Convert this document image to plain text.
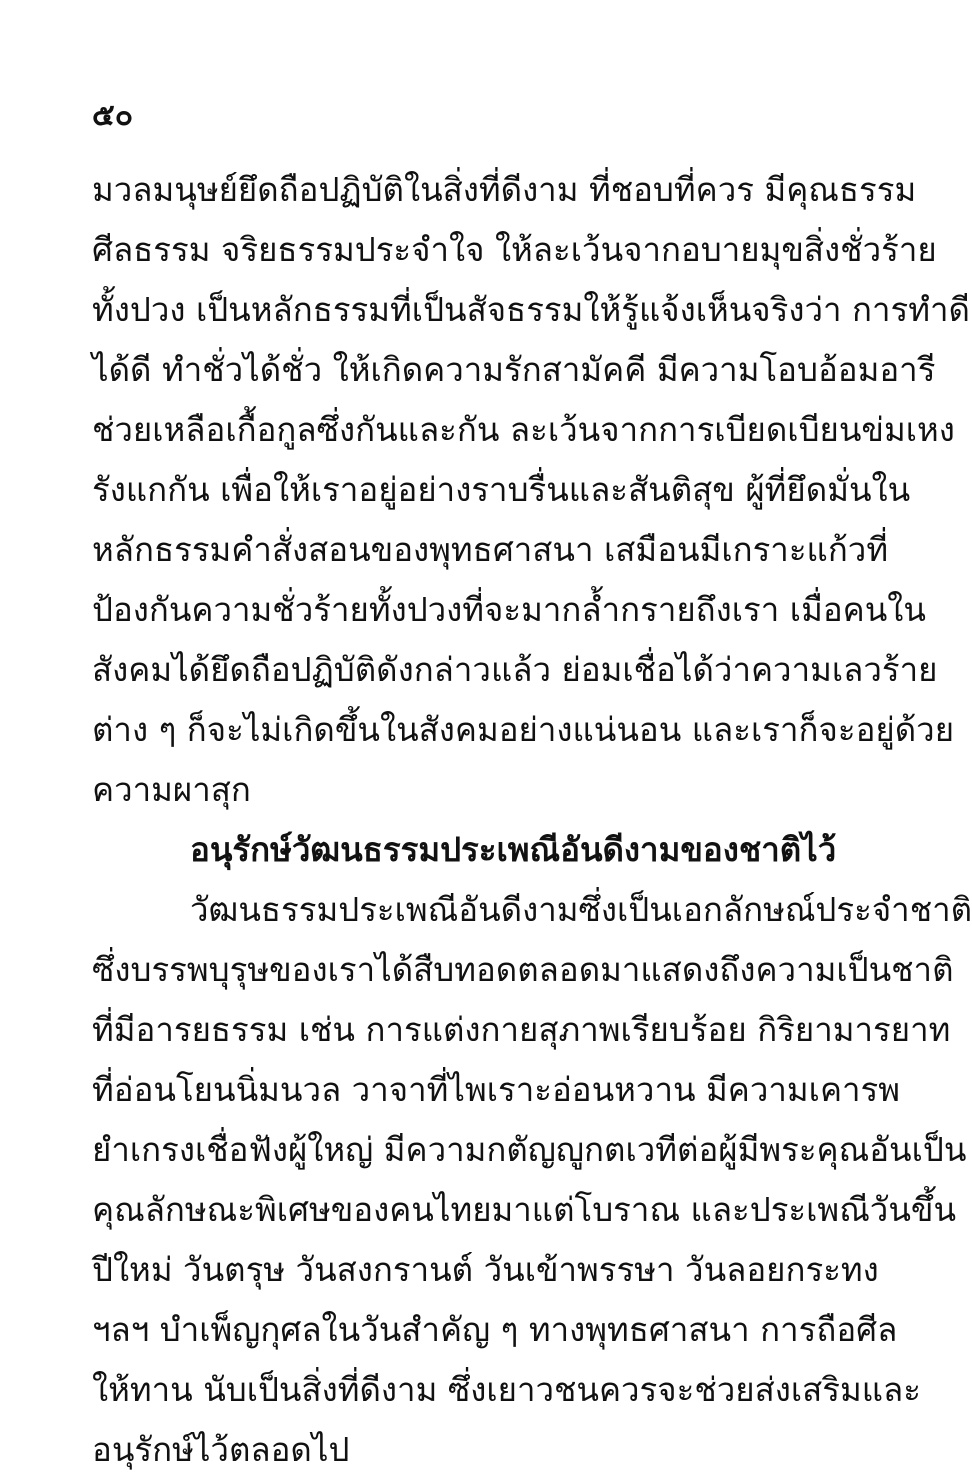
๕๐
มวลมนุษย์ยึดถือปฏิบัติในสิ่งที่ดีงาม ที่ชอบที่ควร มีคุณธรรม
ศีลธรรม จริยธรรมประจำใจ ให้ละเว้นจากอบายมุขสิ่งชั่วร้าย
ทั้งปวง เป็นหลักธรรมที่เป็นสัจธรรมให้รู้แจ้งเห็นจริงว่า การทำดี
ได้ดี ทำชั่วได้ชั่ว ให้เกิดความรักสามัคคี มีความโอบอ้อมอารี
ช่วยเหลือเกื้อกูลซึ่งกันและกัน ละเว้นจากการเบียดเบียนข่มเหง
รังแกกัน เพื่อให้เราอยู่อย่างราบรื่นและสันติสุข ผู้ที่ยึดมั่นใน
หลักธรรมคำสั่งสอนของพุทธศาสนา เสมือนมีเกราะแก้วที่
ป้องกันความชั่วร้ายทั้งปวงที่จะมากล้ำกรายถึงเรา เมื่อคนใน
สังคมได้ยึดถือปฏิบัติดังกล่าวแล้ว ย่อมเชื่อได้ว่าความเลวร้าย
ต่าง ๆ ก็จะไม่เกิดขึ้นในสังคมอย่างแน่นอน และเราก็จะอยู่ด้วย
ความผาสุก
อนุรักษ์วัฒนธรรมประเพณีอันดีงามของชาติไว้
วัฒนธรรมประเพณีอันดีงามซึ่งเป็นเอกลักษณ์ประจำชาติ
ซึ่งบรรพบุรุษของเราได้สืบทอดตลอดมาแสดงถึงความเป็นชาติ
ที่มีอารยธรรม เช่น การแต่งกายสุภาพเรียบร้อย กิริยามารยาท
ที่อ่อนโยนนิ่มนวล วาจาที่ไพเราะอ่อนหวาน มีความเคารพ
ยำเกรงเชื่อฟังผู้ใหญ่ มีความกตัญญูกตเวทีต่อผู้มีพระคุณอันเป็น
คุณลักษณะพิเศษของคนไทยมาแต่โบราณ และประเพณีวันขึ้น
ปีใหม่ วันตรุษ วันสงกรานต์ วันเข้าพรรษา วันลอยกระทง
ฯลฯ บำเพ็ญกุศลในวันสำคัญ ๆ ทางพุทธศาสนา การถือศีล
ให้ทาน นับเป็นสิ่งที่ดีงาม ซึ่งเยาวชนควรจะช่วยส่งเสริมและ
อนุรักษ์ไว้ตลอดไป
